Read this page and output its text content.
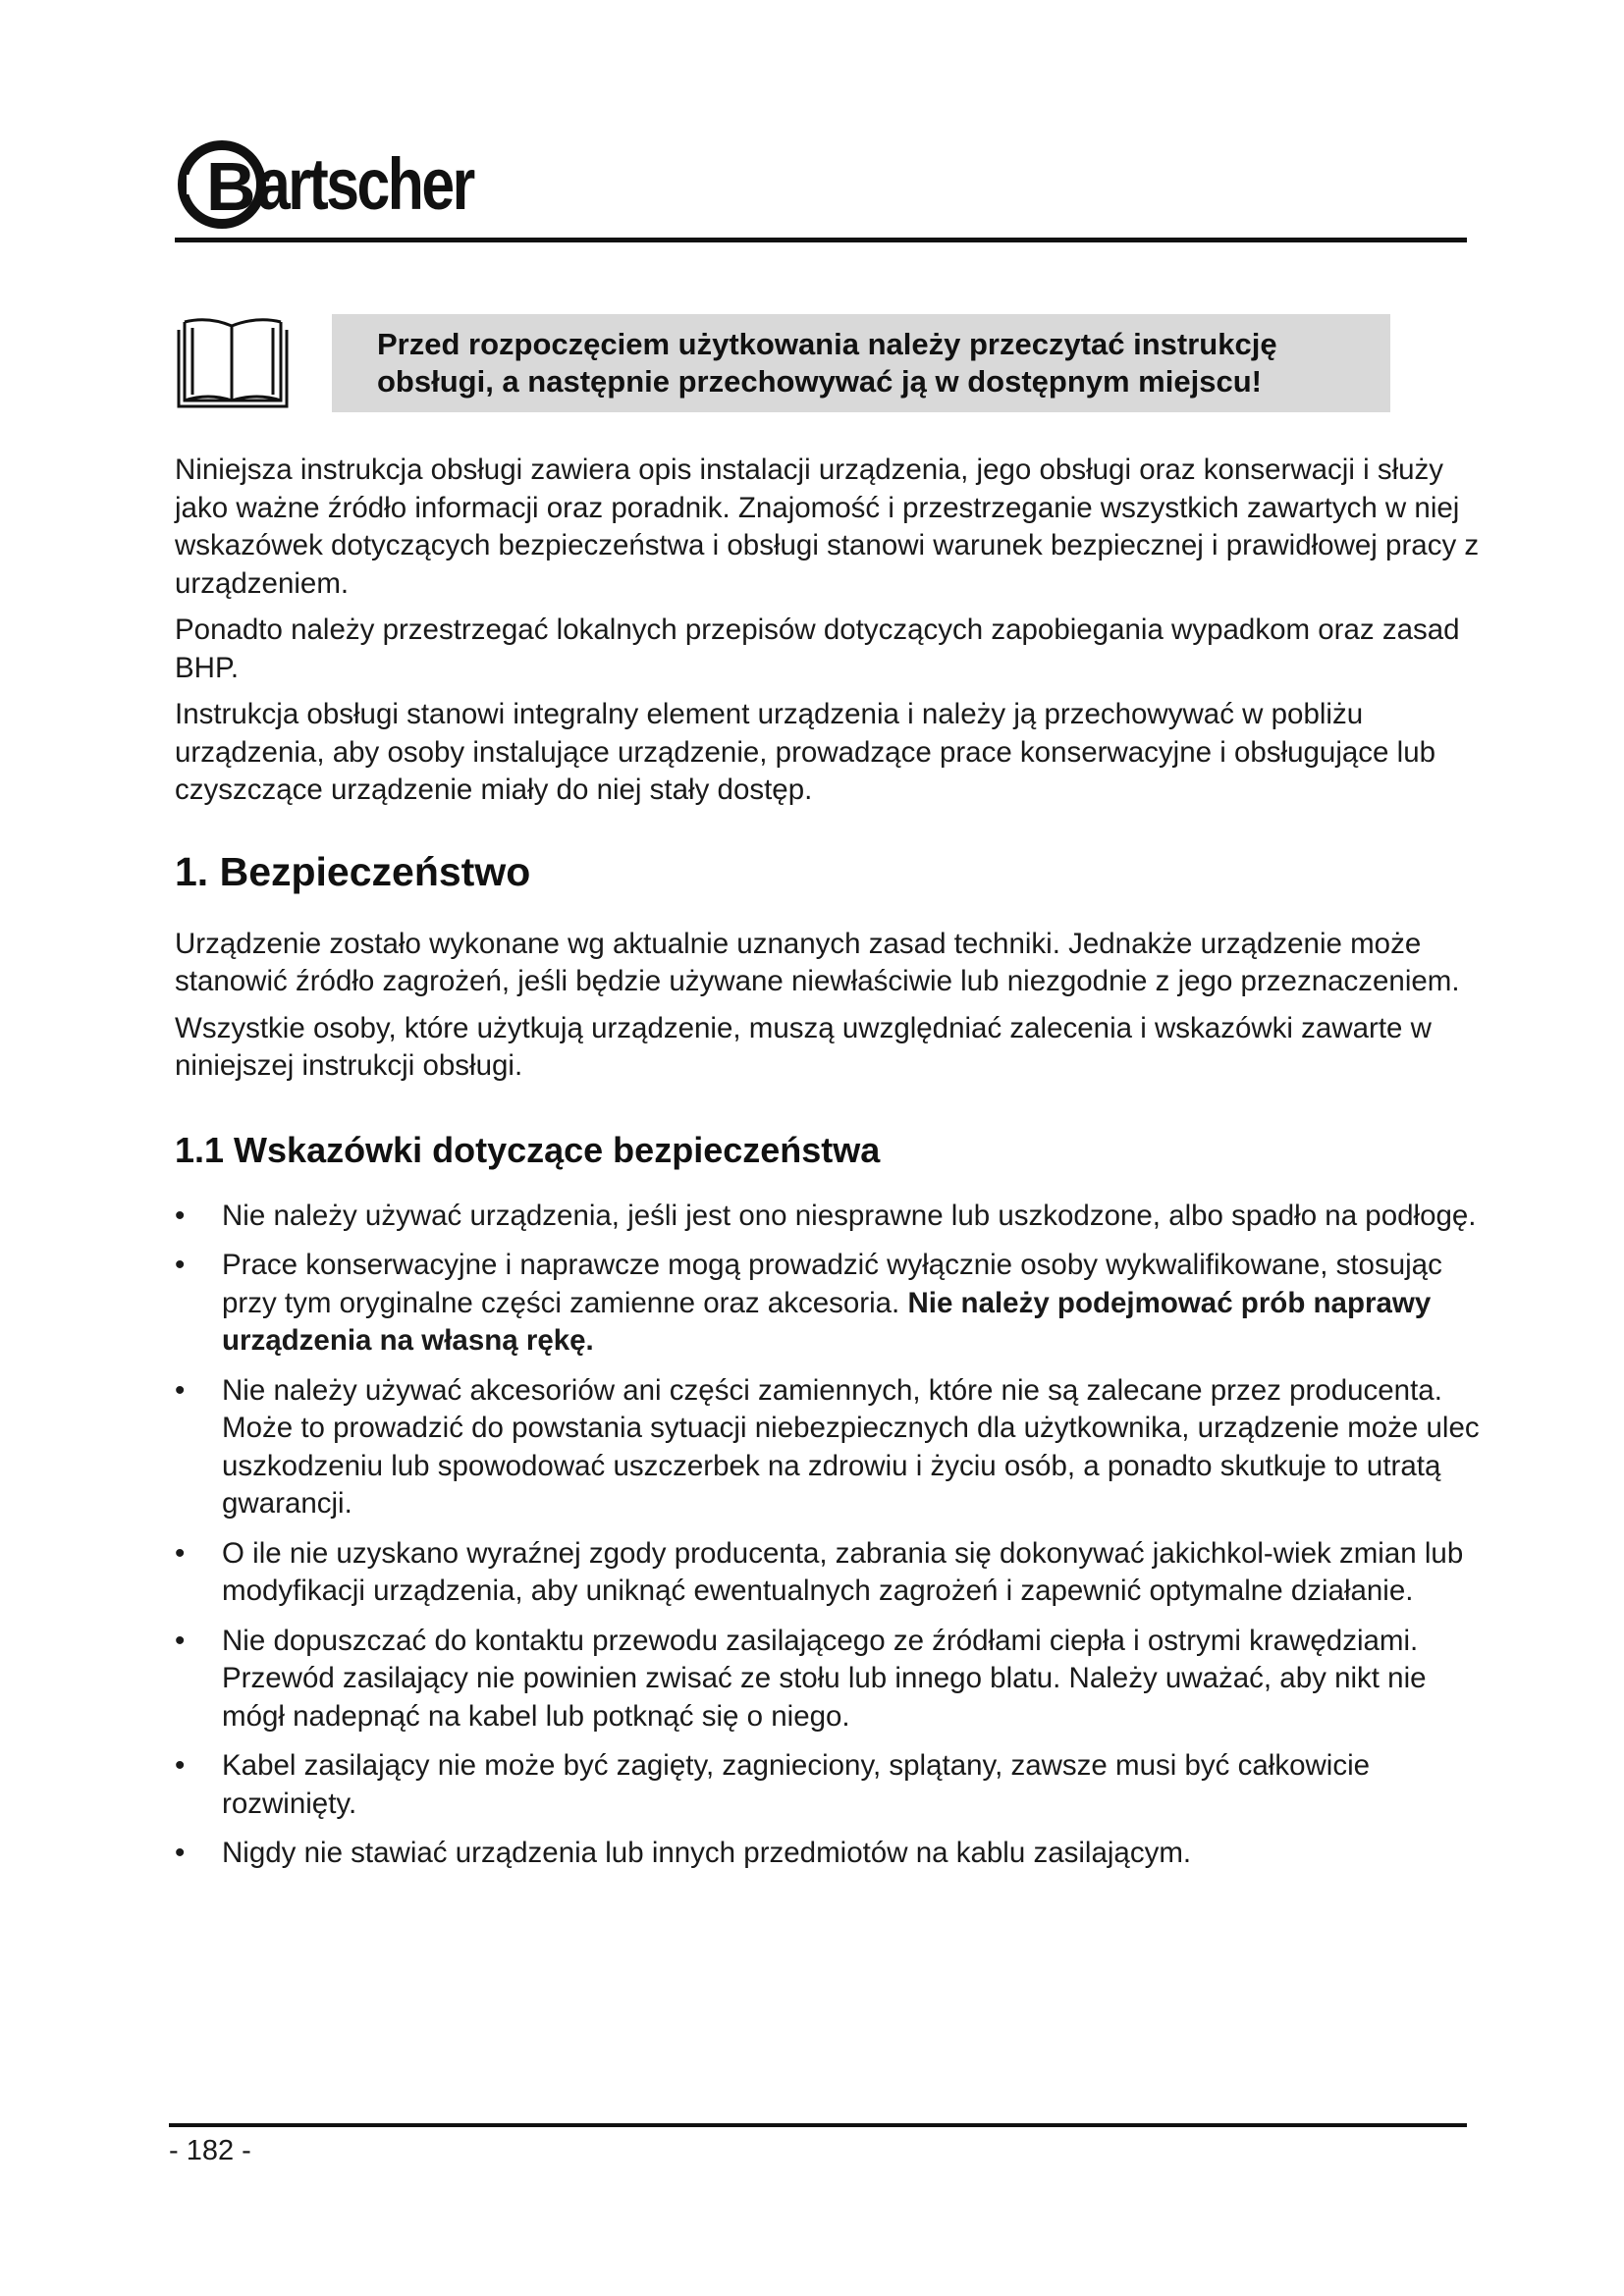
B artscher
Przed rozpoczęciem użytkowania należy przeczytać instrukcję
obsługi, a następnie przechowywać ją w dostępnym miejscu!

Niniejsza instrukcja obsługi zawiera opis instalacji urządzenia, jego obsługi oraz konserwacji i służy jako ważne źródło informacji oraz poradnik. Znajomość i przestrzeganie wszystkich zawartych w niej wskazówek dotyczących bezpieczeństwa i obsługi stanowi warunek bezpiecznej i prawidłowej pracy z urządzeniem.

Ponadto należy przestrzegać lokalnych przepisów dotyczących zapobiegania wypadkom oraz zasad BHP.

Instrukcja obsługi stanowi integralny element urządzenia i należy ją przechowywać w pobliżu urządzenia, aby osoby instalujące urządzenie, prowadzące prace konserwacyjne i obsługujące lub czyszczące urządzenie miały do niej stały dostęp.

1. Bezpieczeństwo

Urządzenie zostało wykonane wg aktualnie uznanych zasad techniki. Jednakże urządzenie może stanowić źródło zagrożeń, jeśli będzie używane niewłaściwie lub niezgodnie z jego przeznaczeniem.

Wszystkie osoby, które użytkują urządzenie, muszą uwzględniać zalecenia i wskazówki zawarte w niniejszej instrukcji obsługi.

1.1 Wskazówki dotyczące bezpieczeństwa
•	Nie należy używać urządzenia, jeśli jest ono niesprawne lub uszkodzone, albo spadło na podłogę.
•	Prace konserwacyjne i naprawcze mogą prowadzić wyłącznie osoby wykwalifikowane, stosując przy tym oryginalne części zamienne oraz akcesoria. Nie należy podejmować prób naprawy urządzenia na własną rękę.
•	Nie należy używać akcesoriów ani części zamiennych, które nie są zalecane przez producenta. Może to prowadzić do powstania sytuacji niebezpiecznych dla użytkownika, urządzenie może ulec uszkodzeniu lub spowodować uszczerbek na zdrowiu i życiu osób, a ponadto skutkuje to utratą gwarancji.
•	O ile nie uzyskano wyraźnej zgody producenta, zabrania się dokonywać jakichkol-wiek zmian lub modyfikacji urządzenia, aby uniknąć ewentualnych zagrożeń i zapewnić optymalne działanie.
•	Nie dopuszczać do kontaktu przewodu zasilającego ze źródłami ciepła i ostrymi krawędziami. Przewód zasilający nie powinien zwisać ze stołu lub innego blatu. Należy uważać, aby nikt nie mógł nadepnąć na kabel lub potknąć się o niego.
•	Kabel zasilający nie może być zagięty, zagnieciony, splątany, zawsze musi być całkowicie rozwinięty.
•	Nigdy nie stawiać urządzenia lub innych przedmiotów na kablu zasilającym.
- 182 -
